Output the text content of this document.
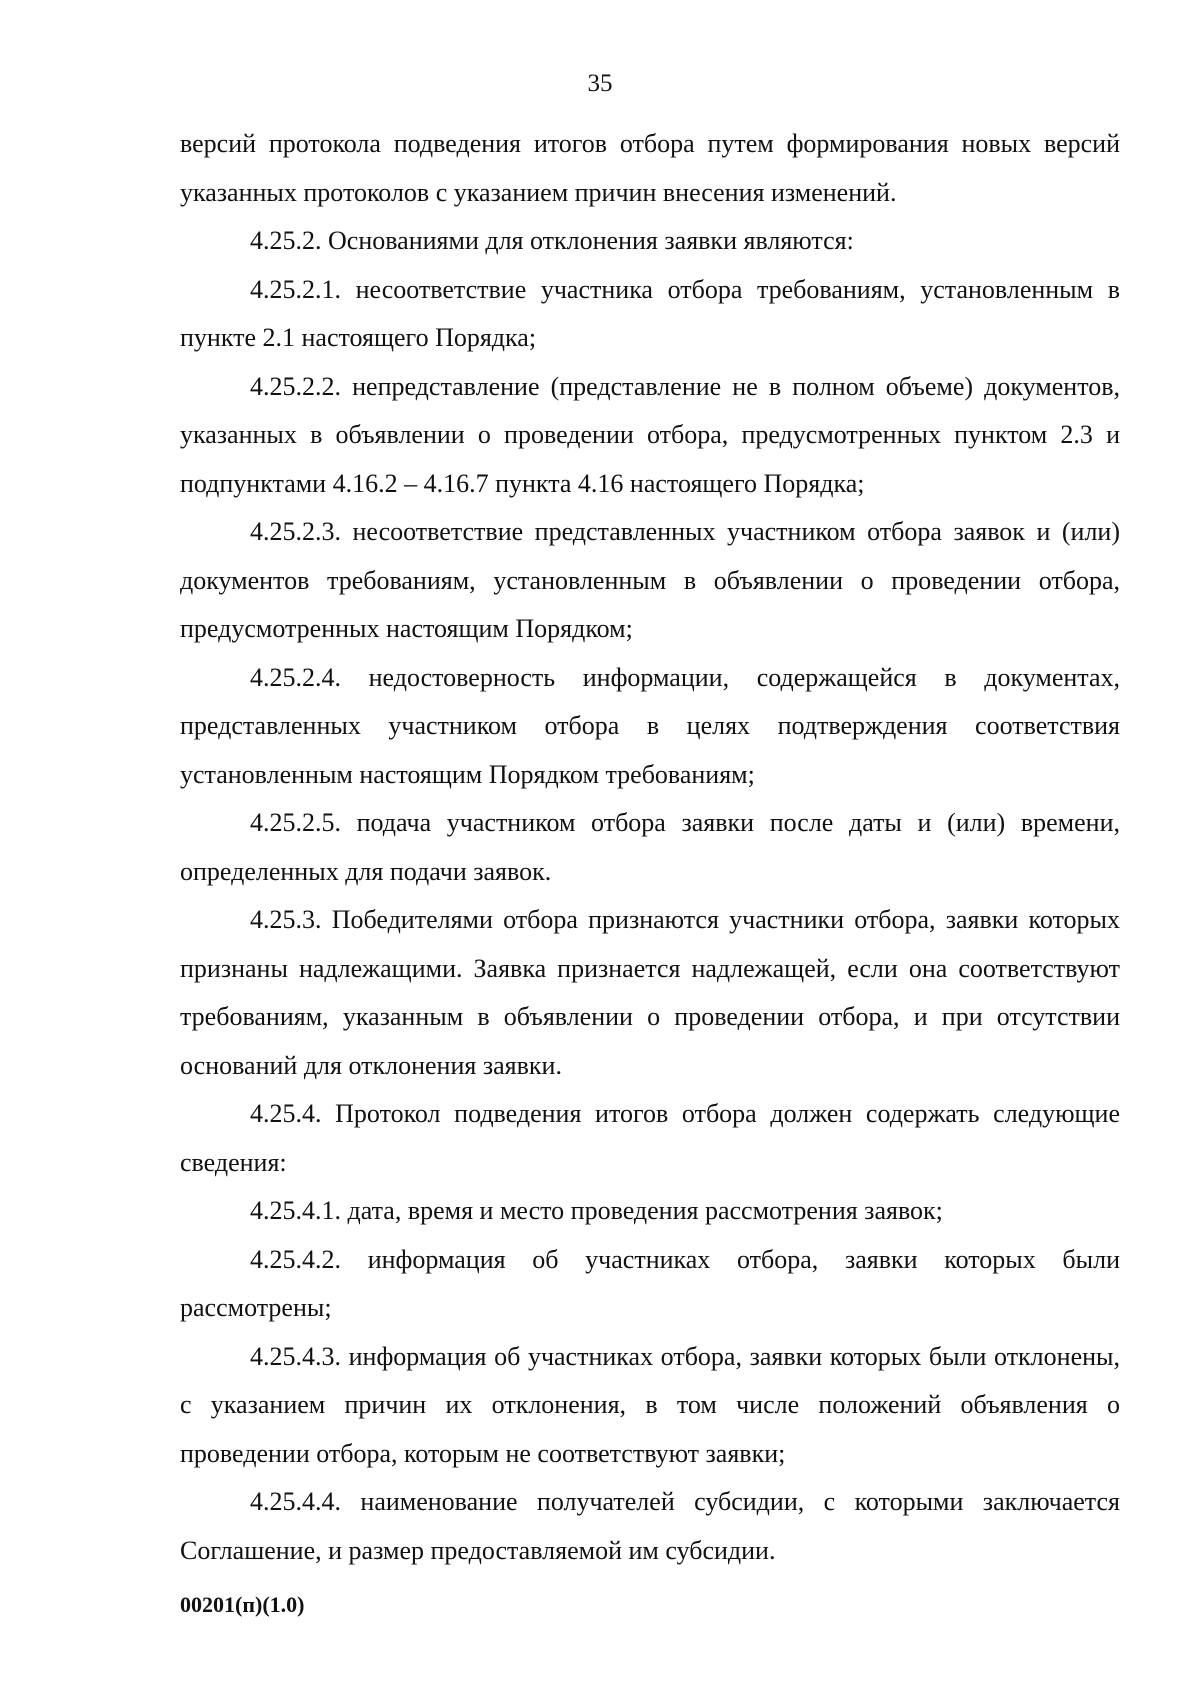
35

версий протокола подведения итогов отбора путем формирования новых версий указанных протоколов с указанием причин внесения изменений.

4.25.2. Основаниями для отклонения заявки являются:

4.25.2.1. несоответствие участника отбора требованиям, установленным в пункте 2.1 настоящего Порядка;

4.25.2.2. непредставление (представление не в полном объеме) документов, указанных в объявлении о проведении отбора, предусмотренных пунктом 2.3 и подпунктами 4.16.2 – 4.16.7 пункта 4.16 настоящего Порядка;

4.25.2.3. несоответствие представленных участником отбора заявок и (или) документов требованиям, установленным в объявлении о проведении отбора, предусмотренных настоящим Порядком;

4.25.2.4. недостоверность информации, содержащейся в документах, представленных участником отбора в целях подтверждения соответствия установленным настоящим Порядком требованиям;

4.25.2.5. подача участником отбора заявки после даты и (или) времени, определенных для подачи заявок.

4.25.3. Победителями отбора признаются участники отбора, заявки которых признаны надлежащими. Заявка признается надлежащей, если она соответствуют требованиям, указанным в объявлении о проведении отбора, и при отсутствии оснований для отклонения заявки.

4.25.4. Протокол подведения итогов отбора должен содержать следующие сведения:

4.25.4.1. дата, время и место проведения рассмотрения заявок;

4.25.4.2. информация об участниках отбора, заявки которых были рассмотрены;

4.25.4.3. информация об участниках отбора, заявки которых были отклонены, с указанием причин их отклонения, в том числе положений объявления о проведении отбора, которым не соответствуют заявки;

4.25.4.4. наименование получателей субсидии, с которыми заключается Соглашение, и размер предоставляемой им субсидии.

00201(п)(1.0)
